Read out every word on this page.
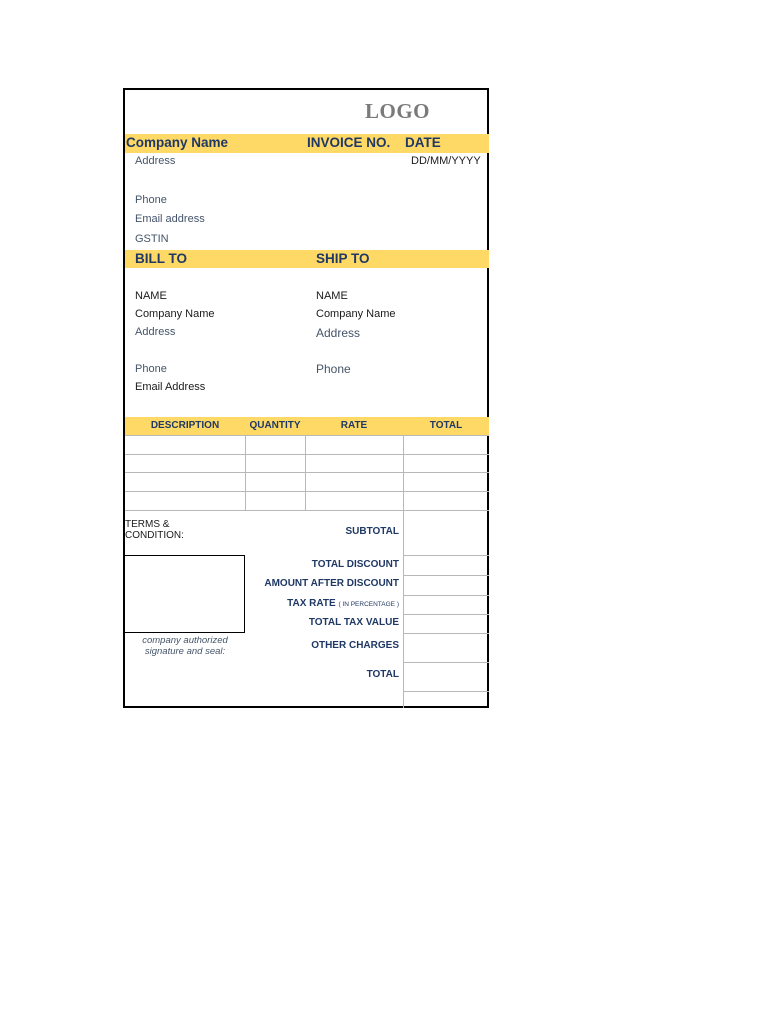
LOGO
Company Name	INVOICE NO. DATE
Address	DD/MM/YYYY
Phone
Email address
GSTIN
BILL TO	SHIP TO
NAME
Company Name
Address
Phone
Email Address
NAME
Company Name
Address
Phone
DESCRIPTION	QUANTITY	RATE	TOTAL
TERMS &
CONDITION:
company authorized
signature and seal:
SUBTOTAL
TOTAL DISCOUNT
AMOUNT AFTER DISCOUNT
TAX RATE ( IN PERCENTAGE )
TOTAL TAX VALUE
OTHER CHARGES
TOTAL
